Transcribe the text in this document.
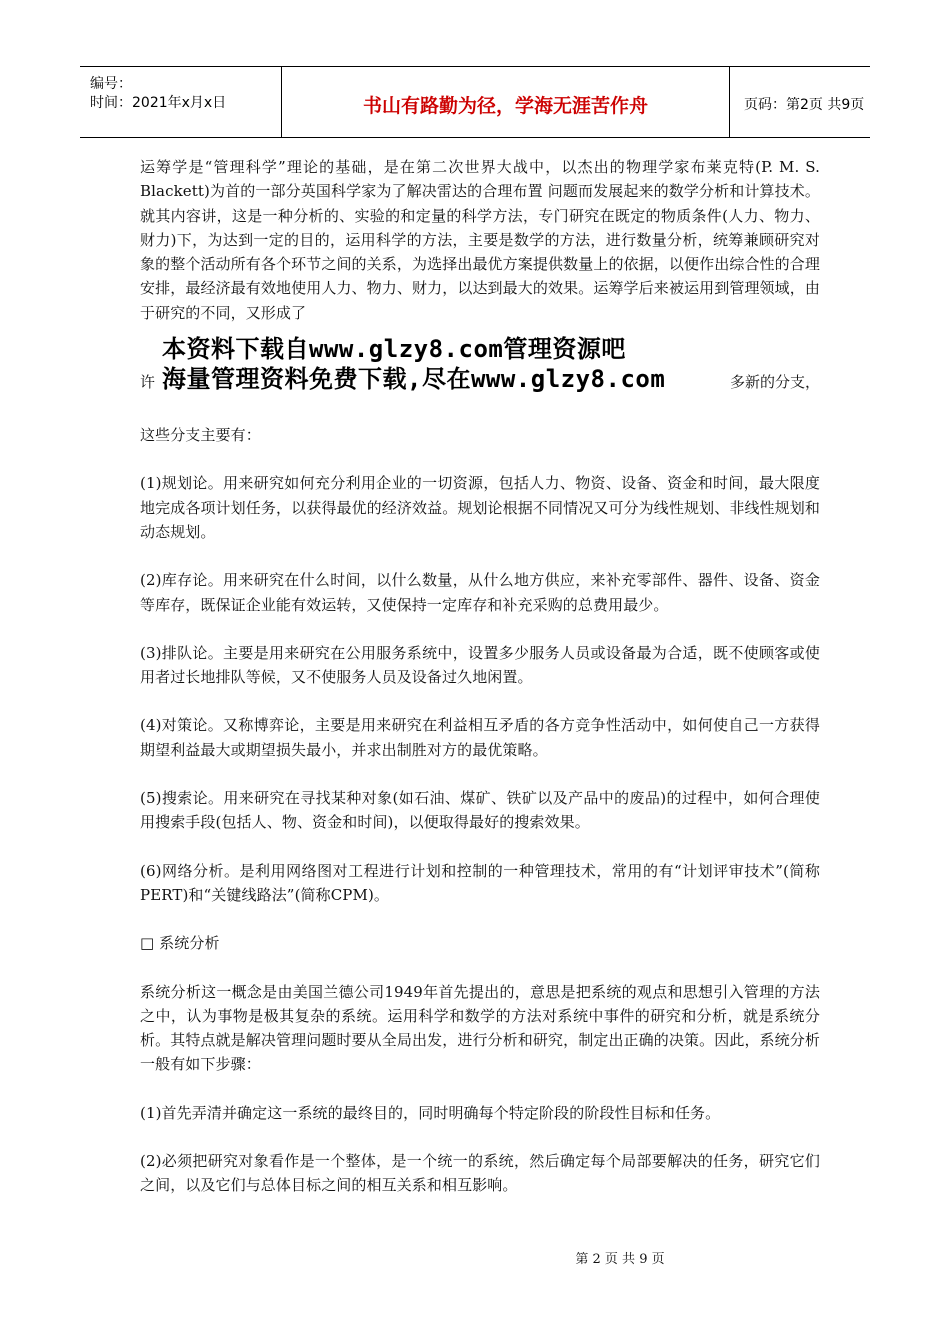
编号：
时间：2021年x月x日	书山有路勤为径，学海无涯苦作舟	页码：第2页 共9页

运筹学是“管理科学”理论的基础，是在第二次世界大战中，以杰出的物理学家布莱克特(P. M. S. Blackett)为首的一部分英国科学家为了解决雷达的合理布置 问题而发展起来的数学分析和计算技术。就其内容讲，这是一种分析的、实验的和定量的科学方法，专门研究在既定的物质条件(人力、物力、财力)下，为达到一定的目的，运用科学的方法，主要是数学的方法，进行数量分析，统筹兼顾研究对象的整个活动所有各个环节之间的关系，为选择出最优方案提供数量上的依据，以便作出综合性的合理安排，最经济最有效地使用人力、物力、财力，以达到最大的效果。运筹学后来被运用到管理领域，由于研究的不同，又形成了

许
本资料下载自www.glzy8.com管理资源吧
海量管理资料免费下载,尽在www.glzy8.com	多新的分支，

这些分支主要有：

(1)规划论。用来研究如何充分利用企业的一切资源，包括人力、物资、设备、资金和时间，最大限度地完成各项计划任务，以获得最优的经济效益。规划论根据不同情况又可分为线性规划、非线性规划和动态规划。

(2)库存论。用来研究在什么时间，以什么数量，从什么地方供应，来补充零部件、器件、设备、资金等库存，既保证企业能有效运转，又使保持一定库存和补充采购的总费用最少。

(3)排队论。主要是用来研究在公用服务系统中，设置多少服务人员或设备最为合适，既不使顾客或使用者过长地排队等候，又不使服务人员及设备过久地闲置。

(4)对策论。又称博弈论，主要是用来研究在利益相互矛盾的各方竞争性活动中，如何使自己一方获得期望利益最大或期望损失最小，并求出制胜对方的最优策略。

(5)搜索论。用来研究在寻找某种对象(如石油、煤矿、铁矿以及产品中的废品)的过程中，如何合理使用搜索手段(包括人、物、资金和时间)，以便取得最好的搜索效果。

(6)网络分析。是利用网络图对工程进行计划和控制的一种管理技术，常用的有“计划评审技术”(简称PERT)和“关键线路法”(简称CPM)。

□ 系统分析

系统分析这一概念是由美国兰德公司1949年首先提出的，意思是把系统的观点和思想引入管理的方法之中，认为事物是极其复杂的系统。运用科学和数学的方法对系统中事件的研究和分析，就是系统分析。其特点就是解决管理问题时要从全局出发，进行分析和研究，制定出正确的决策。因此，系统分析一般有如下步骤：

(1)首先弄清并确定这一系统的最终目的，同时明确每个特定阶段的阶段性目标和任务。

(2)必须把研究对象看作是一个整体，是一个统一的系统，然后确定每个局部要解决的任务，研究它们之间，以及它们与总体目标之间的相互关系和相互影响。

第 2 页 共 9 页
